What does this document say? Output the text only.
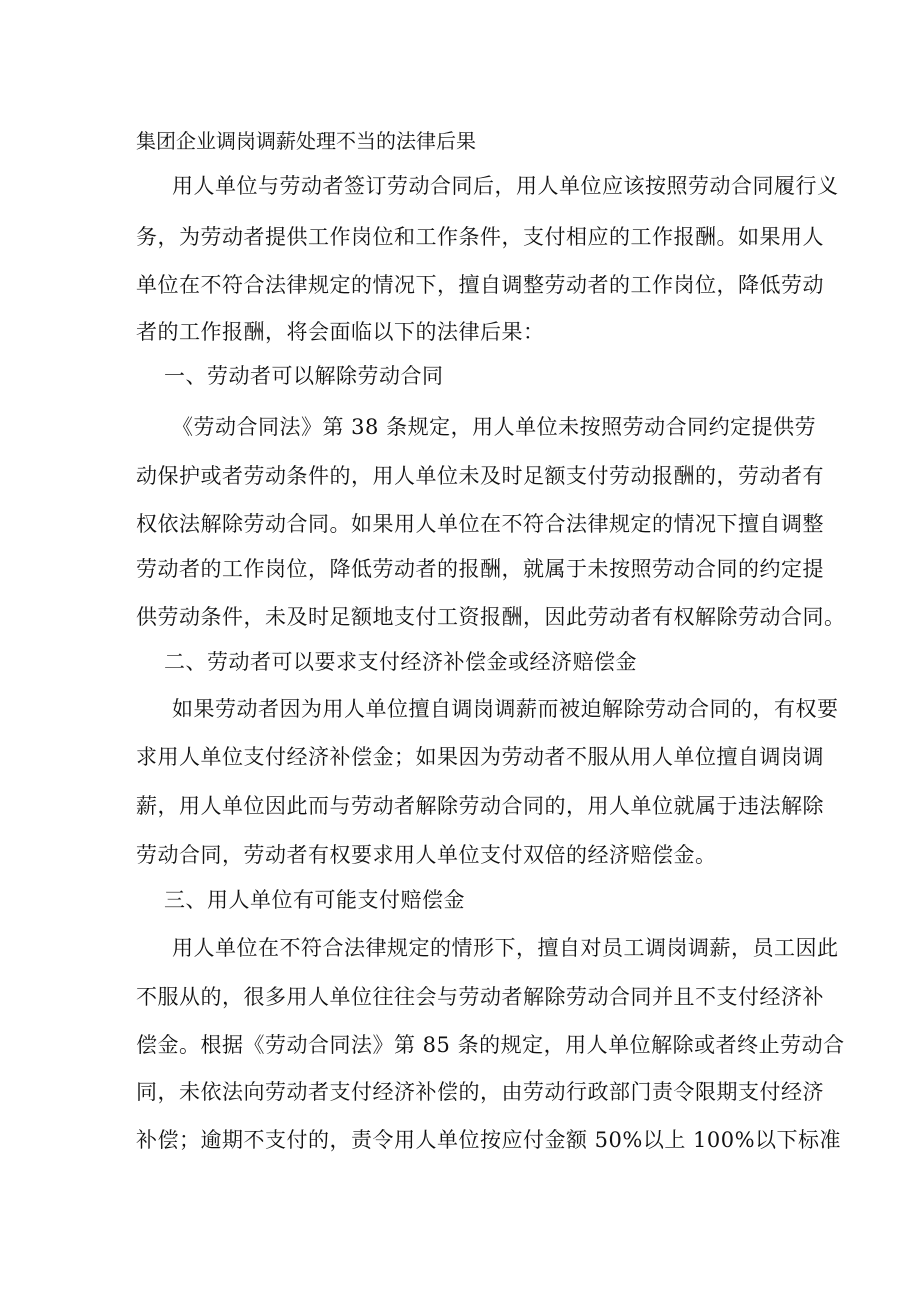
集团企业调岗调薪处理不当的法律后果
用人单位与劳动者签订劳动合同后，用人单位应该按照劳动合同履行义
务，为劳动者提供工作岗位和工作条件，支付相应的工作报酬。如果用人
单位在不符合法律规定的情况下，擅自调整劳动者的工作岗位，降低劳动
者的工作报酬，将会面临以下的法律后果：
一、劳动者可以解除劳动合同
《劳动合同法》第 38 条规定，用人单位未按照劳动合同约定提供劳
动保护或者劳动条件的，用人单位未及时足额支付劳动报酬的，劳动者有
权依法解除劳动合同。如果用人单位在不符合法律规定的情况下擅自调整
劳动者的工作岗位，降低劳动者的报酬，就属于未按照劳动合同的约定提
供劳动条件，未及时足额地支付工资报酬，因此劳动者有权解除劳动合同。
二、劳动者可以要求支付经济补偿金或经济赔偿金
如果劳动者因为用人单位擅自调岗调薪而被迫解除劳动合同的，有权要
求用人单位支付经济补偿金；如果因为劳动者不服从用人单位擅自调岗调
薪，用人单位因此而与劳动者解除劳动合同的，用人单位就属于违法解除
劳动合同，劳动者有权要求用人单位支付双倍的经济赔偿金。
三、用人单位有可能支付赔偿金
用人单位在不符合法律规定的情形下，擅自对员工调岗调薪，员工因此
不服从的，很多用人单位往往会与劳动者解除劳动合同并且不支付经济补
偿金。根据《劳动合同法》第 85 条的规定，用人单位解除或者终止劳动合
同，未依法向劳动者支付经济补偿的，由劳动行政部门责令限期支付经济
补偿；逾期不支付的，责令用人单位按应付金额 50%以上 100%以下标准
